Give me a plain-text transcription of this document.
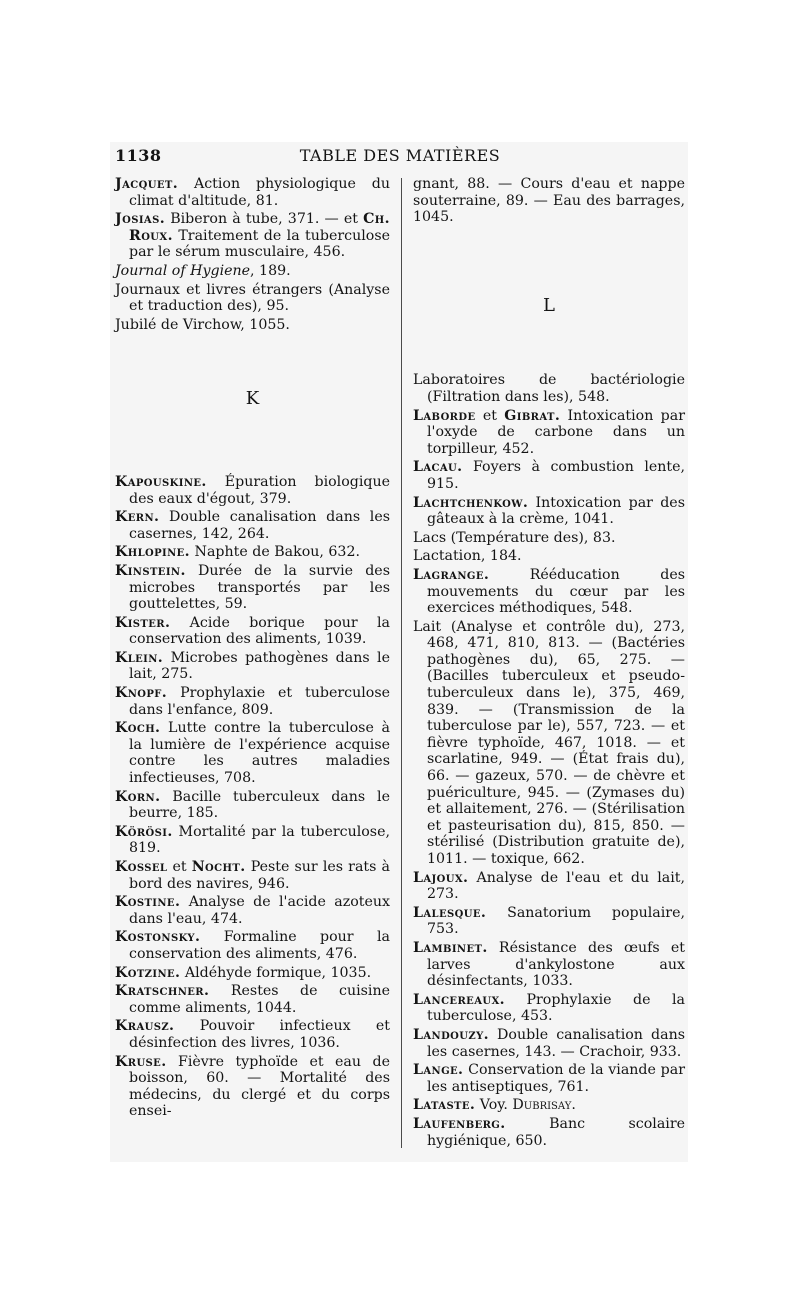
1138	TABLE DES MATIÈRES
Jacquet. Action physiologique du climat d'altitude, 81.
Josias. Biberon à tube, 371. — et Ch. Roux. Traitement de la tuberculose par le sérum musculaire, 456.
Journal of Hygiene, 189.
Journaux et livres étrangers (Analyse et traduction des), 95.
Jubilé de Virchow, 1055.
K
Kapouskine. Épuration biologique des eaux d'égout, 379.
Kern. Double canalisation dans les casernes, 142, 264.
Khlopine. Naphte de Bakou, 632.
Kinstein. Durée de la survie des microbes transportés par les gouttelettes, 59.
Kister. Acide borique pour la conservation des aliments, 1039.
Klein. Microbes pathogènes dans le lait, 275.
Knopf. Prophylaxie et tuberculose dans l'enfance, 809.
Koch. Lutte contre la tuberculose à la lumière de l'expérience acquise contre les autres maladies infectieuses, 708.
Korn. Bacille tuberculeux dans le beurre, 185.
Körösi. Mortalité par la tuberculose, 819.
Kossel et Nocht. Peste sur les rats à bord des navires, 946.
Kostine. Analyse de l'acide azoteux dans l'eau, 474.
Kostonsky. Formaline pour la conservation des aliments, 476.
Kotzine. Aldéhyde formique, 1035.
Kratschner. Restes de cuisine comme aliments, 1044.
Krausz. Pouvoir infectieux et désinfection des livres, 1036.
Kruse. Fièvre typhoïde et eau de boisson, 60. — Mortalité des médecins, du clergé et du corps ensei-
gnant, 88. — Cours d'eau et nappe souterraine, 89. — Eau des barrages, 1045.
L
Laboratoires de bactériologie (Filtration dans les), 548.
Laborde et Gibrat. Intoxication par l'oxyde de carbone dans un torpilleur, 452.
Lacau. Foyers à combustion lente, 915.
Lachtchenkow. Intoxication par des gâteaux à la crème, 1041.
Lacs (Température des), 83.
Lactation, 184.
Lagrange. Rééducation des mouvements du cœur par les exercices méthodiques, 548.
Lait (Analyse et contrôle du), 273, 468, 471, 810, 813. — (Bactéries pathogènes du), 65, 275. — (Bacilles tuberculeux et pseudo-tuberculeux dans le), 375, 469, 839. — (Transmission de la tuberculose par le), 557, 723. — et fièvre typhoïde, 467, 1018. — et scarlatine, 949. — (État frais du), 66. — gazeux, 570. — de chèvre et puériculture, 945. — (Zymases du) et allaitement, 276. — (Stérilisation et pasteurisation du), 815, 850. — stérilisé (Distribution gratuite de), 1011. — toxique, 662.
Lajoux. Analyse de l'eau et du lait, 273.
Lalesque. Sanatorium populaire, 753.
Lambinet. Résistance des œufs et larves d'ankylostone aux désinfectants, 1033.
Lancereaux. Prophylaxie de la tuberculose, 453.
Landouzy. Double canalisation dans les casernes, 143. — Crachoir, 933.
Lange. Conservation de la viande par les antiseptiques, 761.
Lataste. Voy. Dubrisay.
Laufenberg. Banc scolaire hygiénique, 650.
